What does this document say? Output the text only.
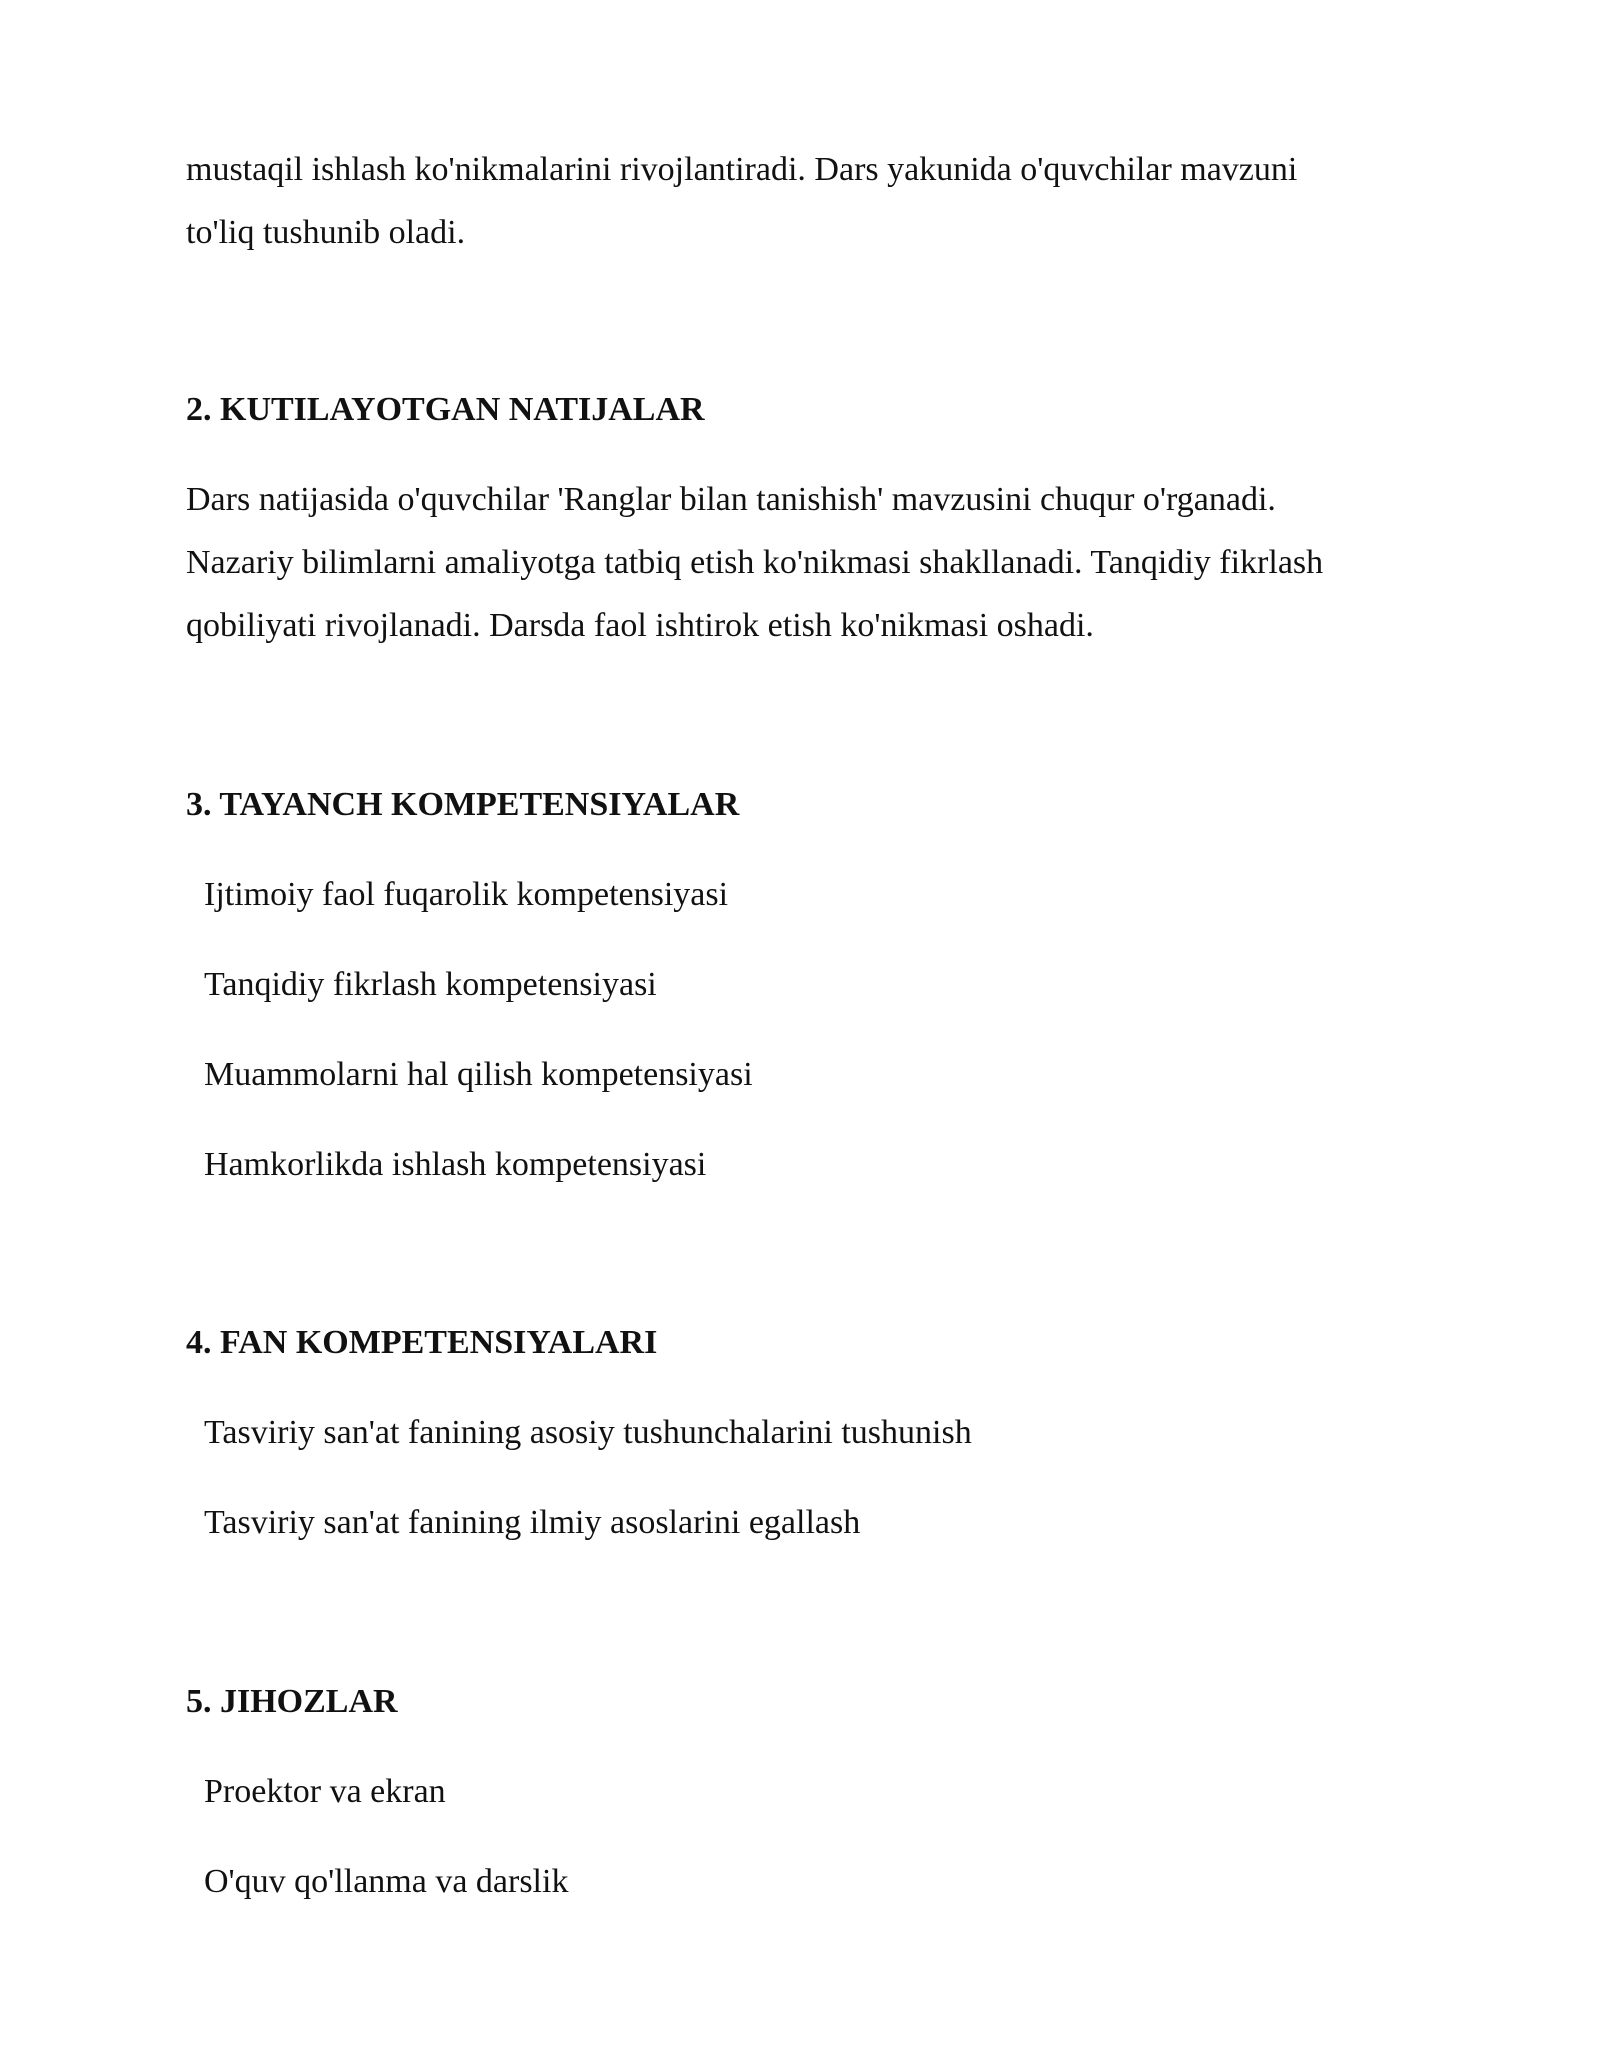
mustaqil ishlash ko'nikmalarini rivojlantiradi. Dars yakunida o'quvchilar mavzuni

to'liq tushunib oladi.

2. KUTILAYOTGAN NATIJALAR

Dars natijasida o'quvchilar 'Ranglar bilan tanishish' mavzusini chuqur o'rganadi.

Nazariy bilimlarni amaliyotga tatbiq etish ko'nikmasi shakllanadi. Tanqidiy fikrlash

qobiliyati rivojlanadi. Darsda faol ishtirok etish ko'nikmasi oshadi.

3. TAYANCH KOMPETENSIYALAR

Ijtimoiy faol fuqarolik kompetensiyasi

Tanqidiy fikrlash kompetensiyasi

Muammolarni hal qilish kompetensiyasi

Hamkorlikda ishlash kompetensiyasi

4. FAN KOMPETENSIYALARI

Tasviriy san'at fanining asosiy tushunchalarini tushunish

Tasviriy san'at fanining ilmiy asoslarini egallash

5. JIHOZLAR

Proektor va ekran

O'quv qo'llanma va darslik
